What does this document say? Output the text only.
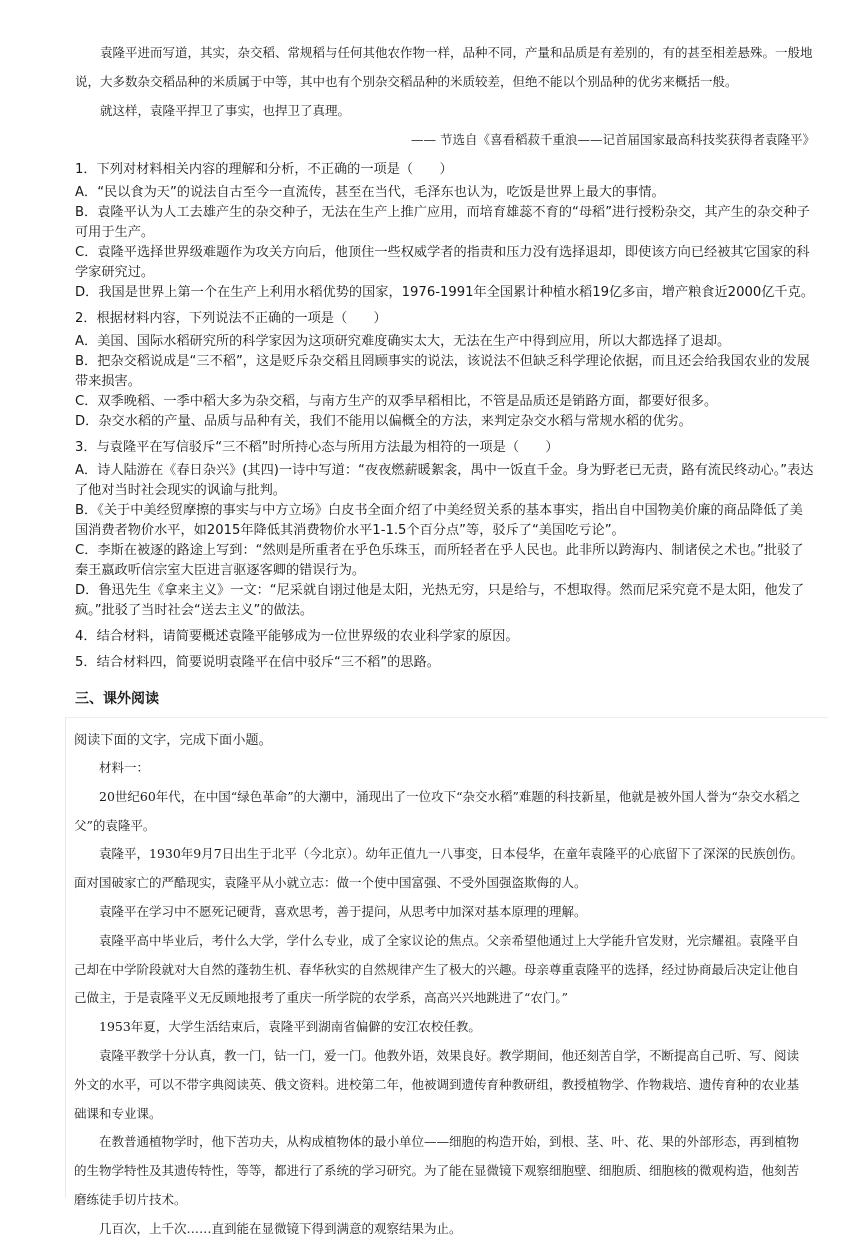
袁隆平进而写道，其实，杂交稻、常规稻与任何其他农作物一样，品种不同，产量和品质是有差别的，有的甚至相差悬殊。一般地说，大多数杂交稻品种的米质属于中等，其中也有个别杂交稻品种的米质较差，但绝不能以个别品种的优劣来概括一般。

就这样，袁隆平捍卫了事实，也捍卫了真理。

—— 节选自《喜看稻菽千重浪——记首届国家最高科技奖获得者袁隆平》

1．下列对材料相关内容的理解和分析，不正确的一项是（　　）

A．“民以食为天”的说法自古至今一直流传，甚至在当代，毛泽东也认为，吃饭是世界上最大的事情。

B．袁隆平认为人工去雄产生的杂交种子，无法在生产上推广应用，而培育雄蕊不育的“母稻”进行授粉杂交，其产生的杂交种子可用于生产。

C．袁隆平选择世界级难题作为攻关方向后，他顶住一些权威学者的指责和压力没有选择退却，即使该方向已经被其它国家的科学家研究过。

D．我国是世界上第一个在生产上利用水稻优势的国家，1976-1991年全国累计种植水稻19亿多亩，增产粮食近2000亿千克。

2．根据材料内容，下列说法不正确的一项是（　　）

A．美国、国际水稻研究所的科学家因为这项研究难度确实太大，无法在生产中得到应用，所以大都选择了退却。

B．把杂交稻说成是“三不稻”，这是贬斥杂交稻且罔顾事实的说法，该说法不但缺乏科学理论依据，而且还会给我国农业的发展带来损害。

C．双季晚稻、一季中稻大多为杂交稻，与南方生产的双季早稻相比，不管是品质还是销路方面，都要好很多。

D．杂交水稻的产量、品质与品种有关，我们不能用以偏概全的方法，来判定杂交水稻与常规水稻的优劣。

3．与袁隆平在写信驳斥“三不稻”时所持心态与所用方法最为相符的一项是（　　）

A．诗人陆游在《春日杂兴》(其四)一诗中写道：“夜夜燃薪暖絮衾，禺中一饭直千金。身为野老已无责，路有流民终动心。”表达了他对当时社会现实的讽谕与批判。

B．《关于中美经贸摩擦的事实与中方立场》白皮书全面介绍了中美经贸关系的基本事实，指出自中国物美价廉的商品降低了美国消费者物价水平，如2015年降低其消费物价水平1-1.5个百分点”等，驳斥了“美国吃亏论”。

C．李斯在被逐的路途上写到：“然则是所重者在乎色乐珠玉，而所轻者在乎人民也。此非所以跨海内、制诸侯之术也。”批驳了秦王嬴政听信宗室大臣进言驱逐客卿的错误行为。

D．鲁迅先生《拿来主义》一文：“尼采就自诩过他是太阳，光热无穷，只是给与，不想取得。然而尼采究竟不是太阳，他发了疯。”批驳了当时社会“送去主义”的做法。

4．结合材料，请简要概述袁隆平能够成为一位世界级的农业科学家的原因。

5．结合材料四，简要说明袁隆平在信中驳斥“三不稻”的思路。

三、课外阅读

阅读下面的文字，完成下面小题。

材料一：

20世纪60年代，在中国“绿色革命”的大潮中，涌现出了一位攻下“杂交水稻”难题的科技新星，他就是被外国人誉为“杂交水稻之父”的袁隆平。

袁隆平，1930年9月7日出生于北平（今北京）。幼年正值九一八事变，日本侵华，在童年袁隆平的心底留下了深深的民族创伤。面对国破家亡的严酷现实，袁隆平从小就立志：做一个使中国富强、不受外国强盗欺侮的人。

袁隆平在学习中不愿死记硬背，喜欢思考，善于提问，从思考中加深对基本原理的理解。

袁隆平高中毕业后，考什么大学，学什么专业，成了全家议论的焦点。父亲希望他通过上大学能升官发财，光宗耀祖。袁隆平自己却在中学阶段就对大自然的蓬勃生机、春华秋实的自然规律产生了极大的兴趣。母亲尊重袁隆平的选择，经过协商最后决定让他自己做主，于是袁隆平义无反顾地报考了重庆一所学院的农学系，高高兴兴地跳进了“农门。”

1953年夏，大学生活结束后，袁隆平到湖南省偏僻的安江农校任教。

袁隆平教学十分认真，教一门，钻一门，爱一门。他教外语，效果良好。教学期间，他还刻苦自学，不断提高自己听、写、阅读外文的水平，可以不带字典阅读英、俄文资料。进校第二年，他被调到遗传育种教研组，教授植物学、作物栽培、遗传育种的农业基础课和专业课。

在教普通植物学时，他下苦功夫，从构成植物体的最小单位——细胞的构造开始，到根、茎、叶、花、果的外部形态，再到植物的生物学特性及其遗传特性，等等，都进行了系统的学习研究。为了能在显微镜下观察细胞壁、细胞质、细胞核的微观构造，他刻苦磨练徒手切片技术。

几百次，上千次……直到能在显微镜下得到满意的观察结果为止。
